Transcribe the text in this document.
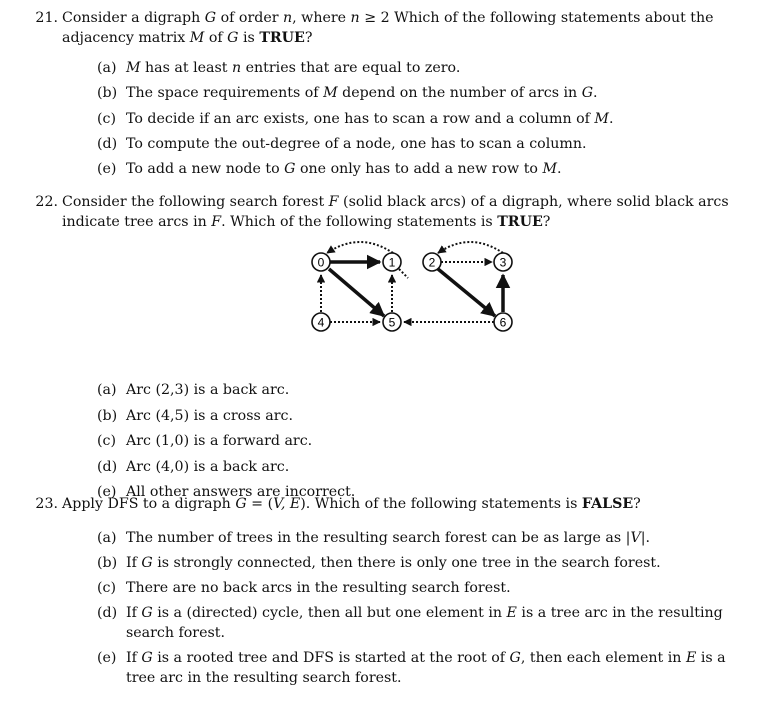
21. Consider a digraph G of order n, where n ≥ 2 Which of the following statements about the adjacency matrix M of G is TRUE?
(a) M has at least n entries that are equal to zero.
(b) The space requirements of M depend on the number of arcs in G.
(c) To decide if an arc exists, one has to scan a row and a column of M.
(d) To compute the out-degree of a node, one has to scan a column.
(e) To add a new node to G one only has to add a new row to M.
22. Consider the following search forest F (solid black arcs) of a digraph, where solid black arcs indicate tree arcs in F. Which of the following statements is TRUE?
0	1	2	3
4	5	6
(a) Arc (2,3) is a back arc.
(b) Arc (4,5) is a cross arc.
(c) Arc (1,0) is a forward arc.
(d) Arc (4,0) is a back arc.
(e) All other answers are incorrect.
23. Apply DFS to a digraph G = (V, E). Which of the following statements is FALSE?
(a) The number of trees in the resulting search forest can be as large as |V|.
(b) If G is strongly connected, then there is only one tree in the search forest.
(c) There are no back arcs in the resulting search forest.
(d) If G is a (directed) cycle, then all but one element in E is a tree arc in the resulting search forest.
(e) If G is a rooted tree and DFS is started at the root of G, then each element in E is a tree arc in the resulting search forest.
